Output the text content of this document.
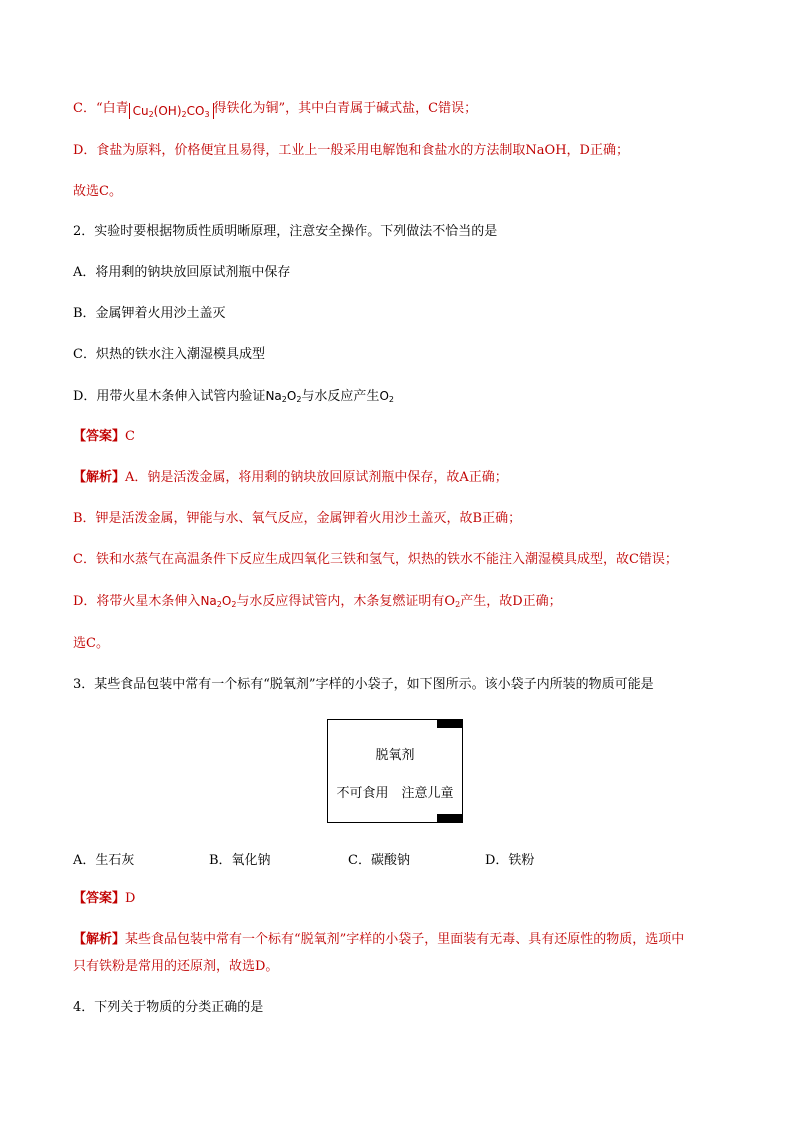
C．“白青 $Cu_2(OH)_2CO_3$ 得铁化为铜”，其中白青属于碱式盐，C错误；
D．食盐为原料，价格便宜且易得，工业上一般采用电解饱和食盐水的方法制取NaOH，D正确；
故选C。
2．实验时要根据物质性质明晰原理，注意安全操作。下列做法不恰当的是
A．将用剩的钠块放回原试剂瓶中保存
B．金属钾着火用沙土盖灭
C．炽热的铁水注入潮湿模具成型
D．用带火星木条伸入试管内验证$Na_2O_2$与水反应产生$O_2$
【答案】C
【解析】A．钠是活泼金属，将用剩的钠块放回原试剂瓶中保存，故A正确；
B．钾是活泼金属，钾能与水、氧气反应，金属钾着火用沙土盖灭，故B正确；
C．铁和水蒸气在高温条件下反应生成四氧化三铁和氢气，炽热的铁水不能注入潮湿模具成型，故C错误；
D．将带火星木条伸入$Na_2O_2$与水反应得试管内，木条复燃证明有$O_2$产生，故D正确；
选C。
3．某些食品包装中常有一个标有“脱氧剂”字样的小袋子，如下图所示。该小袋子内所装的物质可能是
脱氧剂
不可食用　注意儿童
A．生石灰	B．氧化钠	C．碳酸钠	D．铁粉
【答案】D
【解析】某些食品包装中常有一个标有“脱氧剂”字样的小袋子，里面装有无毒、具有还原性的物质，选项中
只有铁粉是常用的还原剂，故选D。
4．下列关于物质的分类正确的是
